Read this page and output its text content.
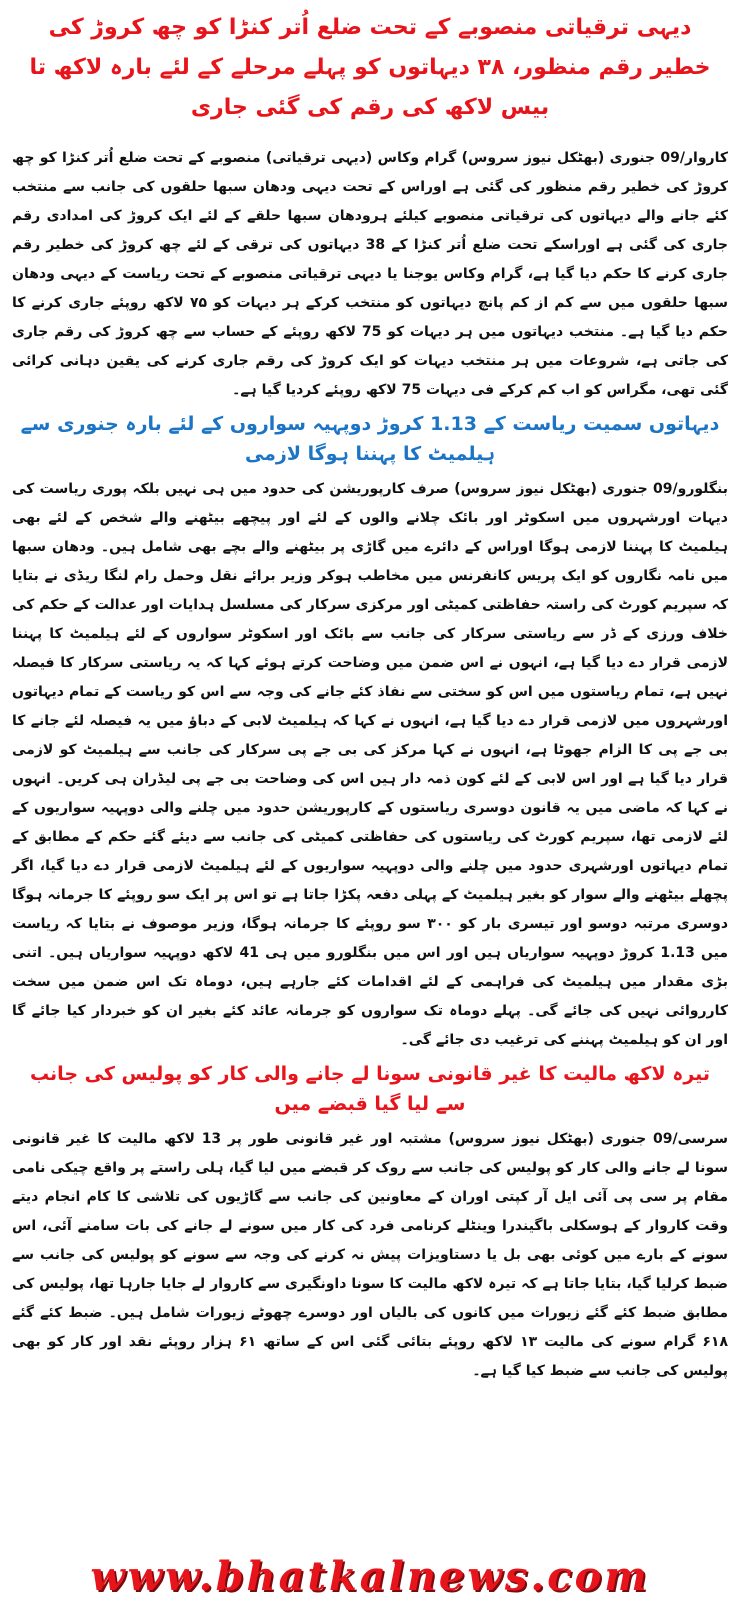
دیہی ترقیاتی منصوبے کے تحت ضلع اُتر کنڑا کو چھ کروڑ کی خطیر رقم منظور، ۳۸ دیہاتوں کو پہلے مرحلے کے لئے بارہ لاکھ تا بیس لاکھ کی رقم کی گئی جاری

کاروار/09 جنوری (بھٹکل نیوز سروس) گرام وکاس (دیہی ترقیاتی) منصوبے کے تحت ضلع اُتر کنڑا کو چھ کروڑ کی خطیر رقم منظور کی گئی ہے اوراس کے تحت دیہی ودھان سبھا حلقوں کی جانب سے منتخب کئے جانے والے دیہاتوں کی ترقیاتی منصوبے کیلئے ہرودھان سبھا حلقے کے لئے ایک کروڑ کی امدادی رقم جاری کی گئی ہے اوراسکے تحت ضلع اُتر کنڑا کے 38 دیہاتوں کی ترقی کے لئے چھ کروڑ کی خطیر رقم جاری کرنے کا حکم دیا گیا ہے، گرام وکاس یوجنا یا دیہی ترقیاتی منصوبے کے تحت ریاست کے دیہی ودھان سبھا حلقوں میں سے کم از کم پانچ دیہاتوں کو منتخب کرکے ہر دیہات کو ۷۵ لاکھ روپئے جاری کرنے کا حکم دیا گیا ہے۔ منتخب دیہاتوں میں ہر دیہات کو 75 لاکھ روپئے کے حساب سے چھ کروڑ کی رقم جاری کی جاتی ہے، شروعات میں ہر منتخب دیہات کو ایک کروڑ کی رقم جاری کرنے کی یقین دہانی کرائی گئی تھی، مگراس کو اب کم کرکے فی دیہات 75 لاکھ روپئے کردیا گیا ہے۔

دیہاتوں سمیت ریاست کے 1.13 کروڑ دوپہیہ سواروں کے لئے بارہ جنوری سے ہیلمیٹ کا پہننا ہوگا لازمی

بنگلورو/09 جنوری (بھٹکل نیوز سروس) صرف کارپوریشن کی حدود میں ہی نہیں بلکہ پوری ریاست کی دیہات اورشہروں میں اسکوٹر اور بائک چلانے والوں کے لئے اور پیچھے بیٹھنے والے شخص کے لئے بھی ہیلمیٹ کا پہننا لازمی ہوگا اوراس کے دائرے میں گاڑی پر بیٹھنے والے بچے بھی شامل ہیں۔ ودھان سبھا میں نامہ نگاروں کو ایک پریس کانفرنس میں مخاطب ہوکر وزیر برائے نقل وحمل رام لنگا ریڈی نے بتایا کہ سپریم کورٹ کی راستہ حفاظتی کمیٹی اور مرکزی سرکار کی مسلسل ہدایات اور عدالت کے حکم کی خلاف ورزی کے ڈر سے ریاستی سرکار کی جانب سے بائک اور اسکوٹر سواروں کے لئے ہیلمیٹ کا پہننا لازمی قرار دے دیا گیا ہے، انہوں نے اس ضمن میں وضاحت کرتے ہوئے کہا کہ یہ ریاستی سرکار کا فیصلہ نہیں ہے، تمام ریاستوں میں اس کو سختی سے نفاذ کئے جانے کی وجہ سے اس کو ریاست کے تمام دیہاتوں اورشہروں میں لازمی قرار دے دیا گیا ہے، انہوں نے کہا کہ ہیلمیٹ لابی کے دباؤ میں یہ فیصلہ لئے جانے کا بی جے پی کا الزام جھوٹا ہے، انہوں نے کہا مرکز کی بی جے پی سرکار کی جانب سے ہیلمیٹ کو لازمی قرار دیا گیا ہے اور اس لابی کے لئے کون ذمہ دار ہیں اس کی وضاحت بی جے پی لیڈران ہی کریں۔ انہوں نے کہا کہ ماضی میں یہ قانون دوسری ریاستوں کے کارپوریشن حدود میں چلنے والی دوپہیہ سواریوں کے لئے لازمی تھا، سپریم کورٹ کی ریاستوں کی حفاظتی کمیٹی کی جانب سے دیئے گئے حکم کے مطابق کے تمام دیہاتوں اورشہری حدود میں چلنے والی دوپہیہ سواریوں کے لئے ہیلمیٹ لازمی قرار دے دیا گیا، اگر پچھلے بیٹھنے والے سوار کو بغیر ہیلمیٹ کے پہلی دفعہ پکڑا جاتا ہے تو اس پر ایک سو روپئے کا جرمانہ ہوگا دوسری مرتبہ دوسو اور تیسری بار کو ۳۰۰ سو روپئے کا جرمانہ ہوگا، وزیر موصوف نے بتایا کہ ریاست میں 1.13 کروڑ دوپہیہ سواریاں ہیں اور اس میں بنگلورو میں ہی 41 لاکھ دوپہیہ سواریاں ہیں۔ اتنی بڑی مقدار میں ہیلمیٹ کی فراہمی کے لئے اقدامات کئے جارہے ہیں، دوماہ تک اس ضمن میں سخت کارروائی نہیں کی جائے گی۔ پہلے دوماہ تک سواروں کو جرمانہ عائد کئے بغیر ان کو خبردار کیا جائے گا اور ان کو ہیلمیٹ پہننے کی ترغیب دی جائے گی۔

تیرہ لاکھ مالیت کا غیر قانونی سونا لے جانے والی کار کو پولیس کی جانب سے لیا گیا قبضے میں

سرسی/09 جنوری (بھٹکل نیوز سروس) مشتبہ اور غیر قانونی طور پر 13 لاکھ مالیت کا غیر قانونی سونا لے جانے والی کار کو پولیس کی جانب سے روک کر قبضے میں لیا گیا، ہلی راستے پر واقع چیکی نامی مقام پر سی پی آئی ایل آر کپتی اوران کے معاونین کی جانب سے گاڑیوں کی تلاشی کا کام انجام دیتے وقت کاروار کے ہوسکلی باگیندرا وینٹلے کرنامی فرد کی کار میں سونے لے جانے کی بات سامنے آئی، اس سونے کے بارے میں کوئی بھی بل یا دستاویزات پیش نہ کرنے کی وجہ سے سونے کو پولیس کی جانب سے ضبط کرلیا گیا، بتایا جاتا ہے کہ تیرہ لاکھ مالیت کا سونا داونگیری سے کاروار لے جایا جارہا تھا، پولیس کی مطابق ضبط کئے گئے زیورات میں کانوں کی بالیاں اور دوسرے چھوٹے زیورات شامل ہیں۔ ضبط کئے گئے ۶۱۸ گرام سونے کی مالیت ۱۳ لاکھ روپئے بتائی گئی اس کے ساتھ ۶۱ ہزار روپئے نقد اور کار کو بھی پولیس کی جانب سے ضبط کیا گیا ہے۔

www.bhatkalnews.com
